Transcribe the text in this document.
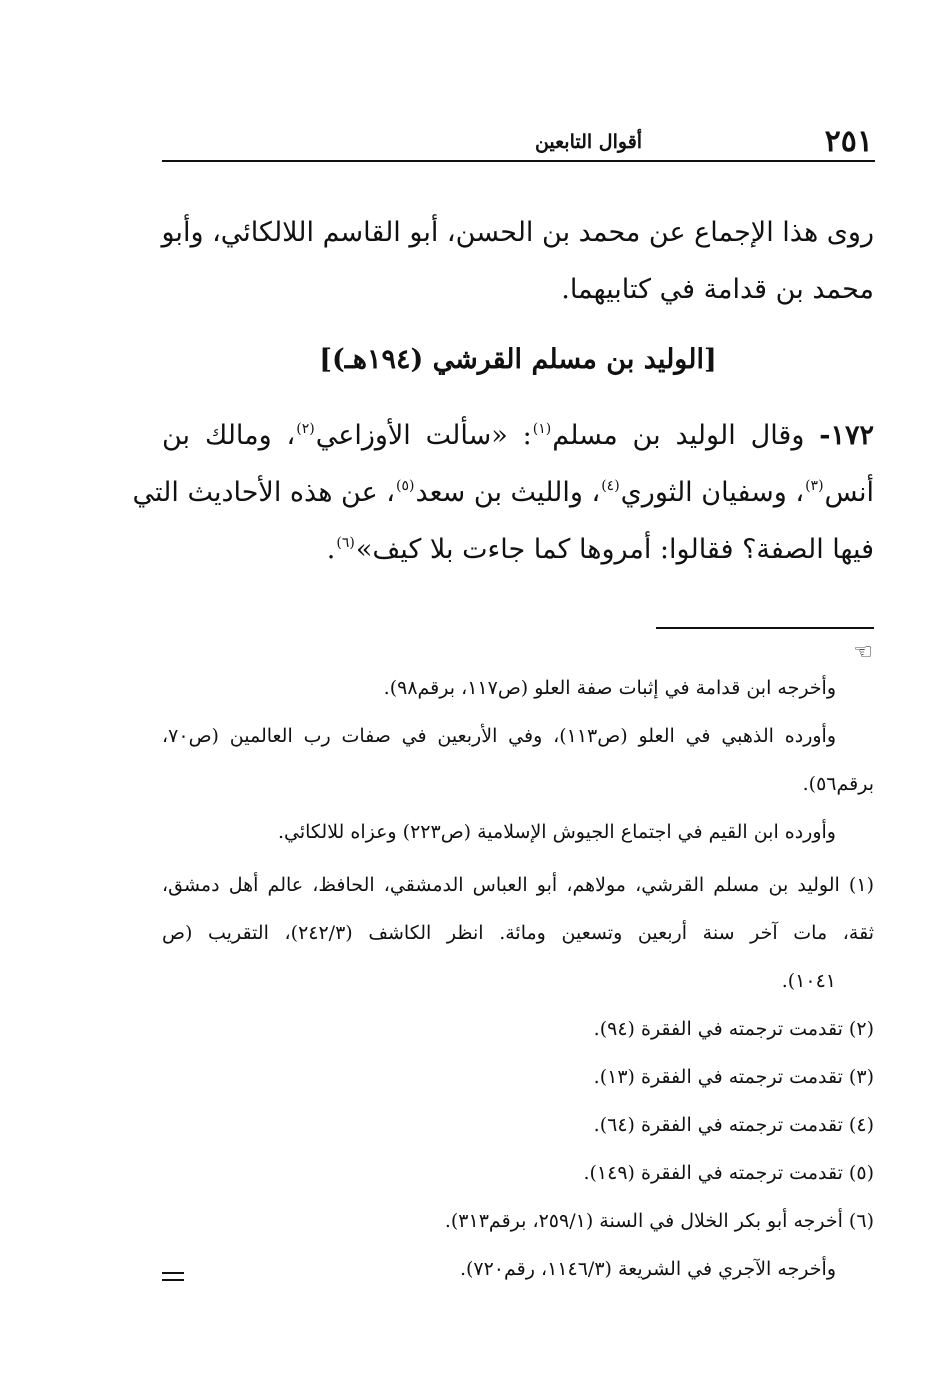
٢٥١
أقوال التابعين
روى هذا الإجماع عن محمد بن الحسن، أبو القاسم اللالكائي، وأبو
محمد بن قدامة في كتابيهما.
[الوليد بن مسلم القرشي (١٩٤هـ)]
١٧٢- وقال الوليد بن مسلم$^{(١)}$: «سألت الأوزاعي$^{(٢)}$، ومالك بن
أنس$^{(٣)}$، وسفيان الثوري$^{(٤)}$، والليث بن سعد$^{(٥)}$، عن هذه الأحاديث التي
فيها الصفة؟ فقالوا: أمروها كما جاءت بلا كيف»$^{(٦)}$.
☜
وأخرجه ابن قدامة في إثبات صفة العلو (ص١١٧، برقم٩٨).
وأورده الذهبي في العلو (ص١١٣)، وفي الأربعين في صفات رب العالمين (ص٧٠،
برقم٥٦).
وأورده ابن القيم في اجتماع الجيوش الإسلامية (ص٢٢٣) وعزاه للالكائي.
(١) الوليد بن مسلم القرشي، مولاهم، أبو العباس الدمشقي، الحافظ، عالم أهل دمشق،
ثقة، مات آخر سنة أربعين وتسعين ومائة. انظر الكاشف (٢٤٢/٣)، التقريب (ص
١٠٤١).
(٢) تقدمت ترجمته في الفقرة (٩٤).
(٣) تقدمت ترجمته في الفقرة (١٣).
(٤) تقدمت ترجمته في الفقرة (٦٤).
(٥) تقدمت ترجمته في الفقرة (١٤٩).
(٦) أخرجه أبو بكر الخلال في السنة (٢٥٩/١، برقم٣١٣).
وأخرجه الآجري في الشريعة (١١٤٦/٣، رقم٧٢٠).
